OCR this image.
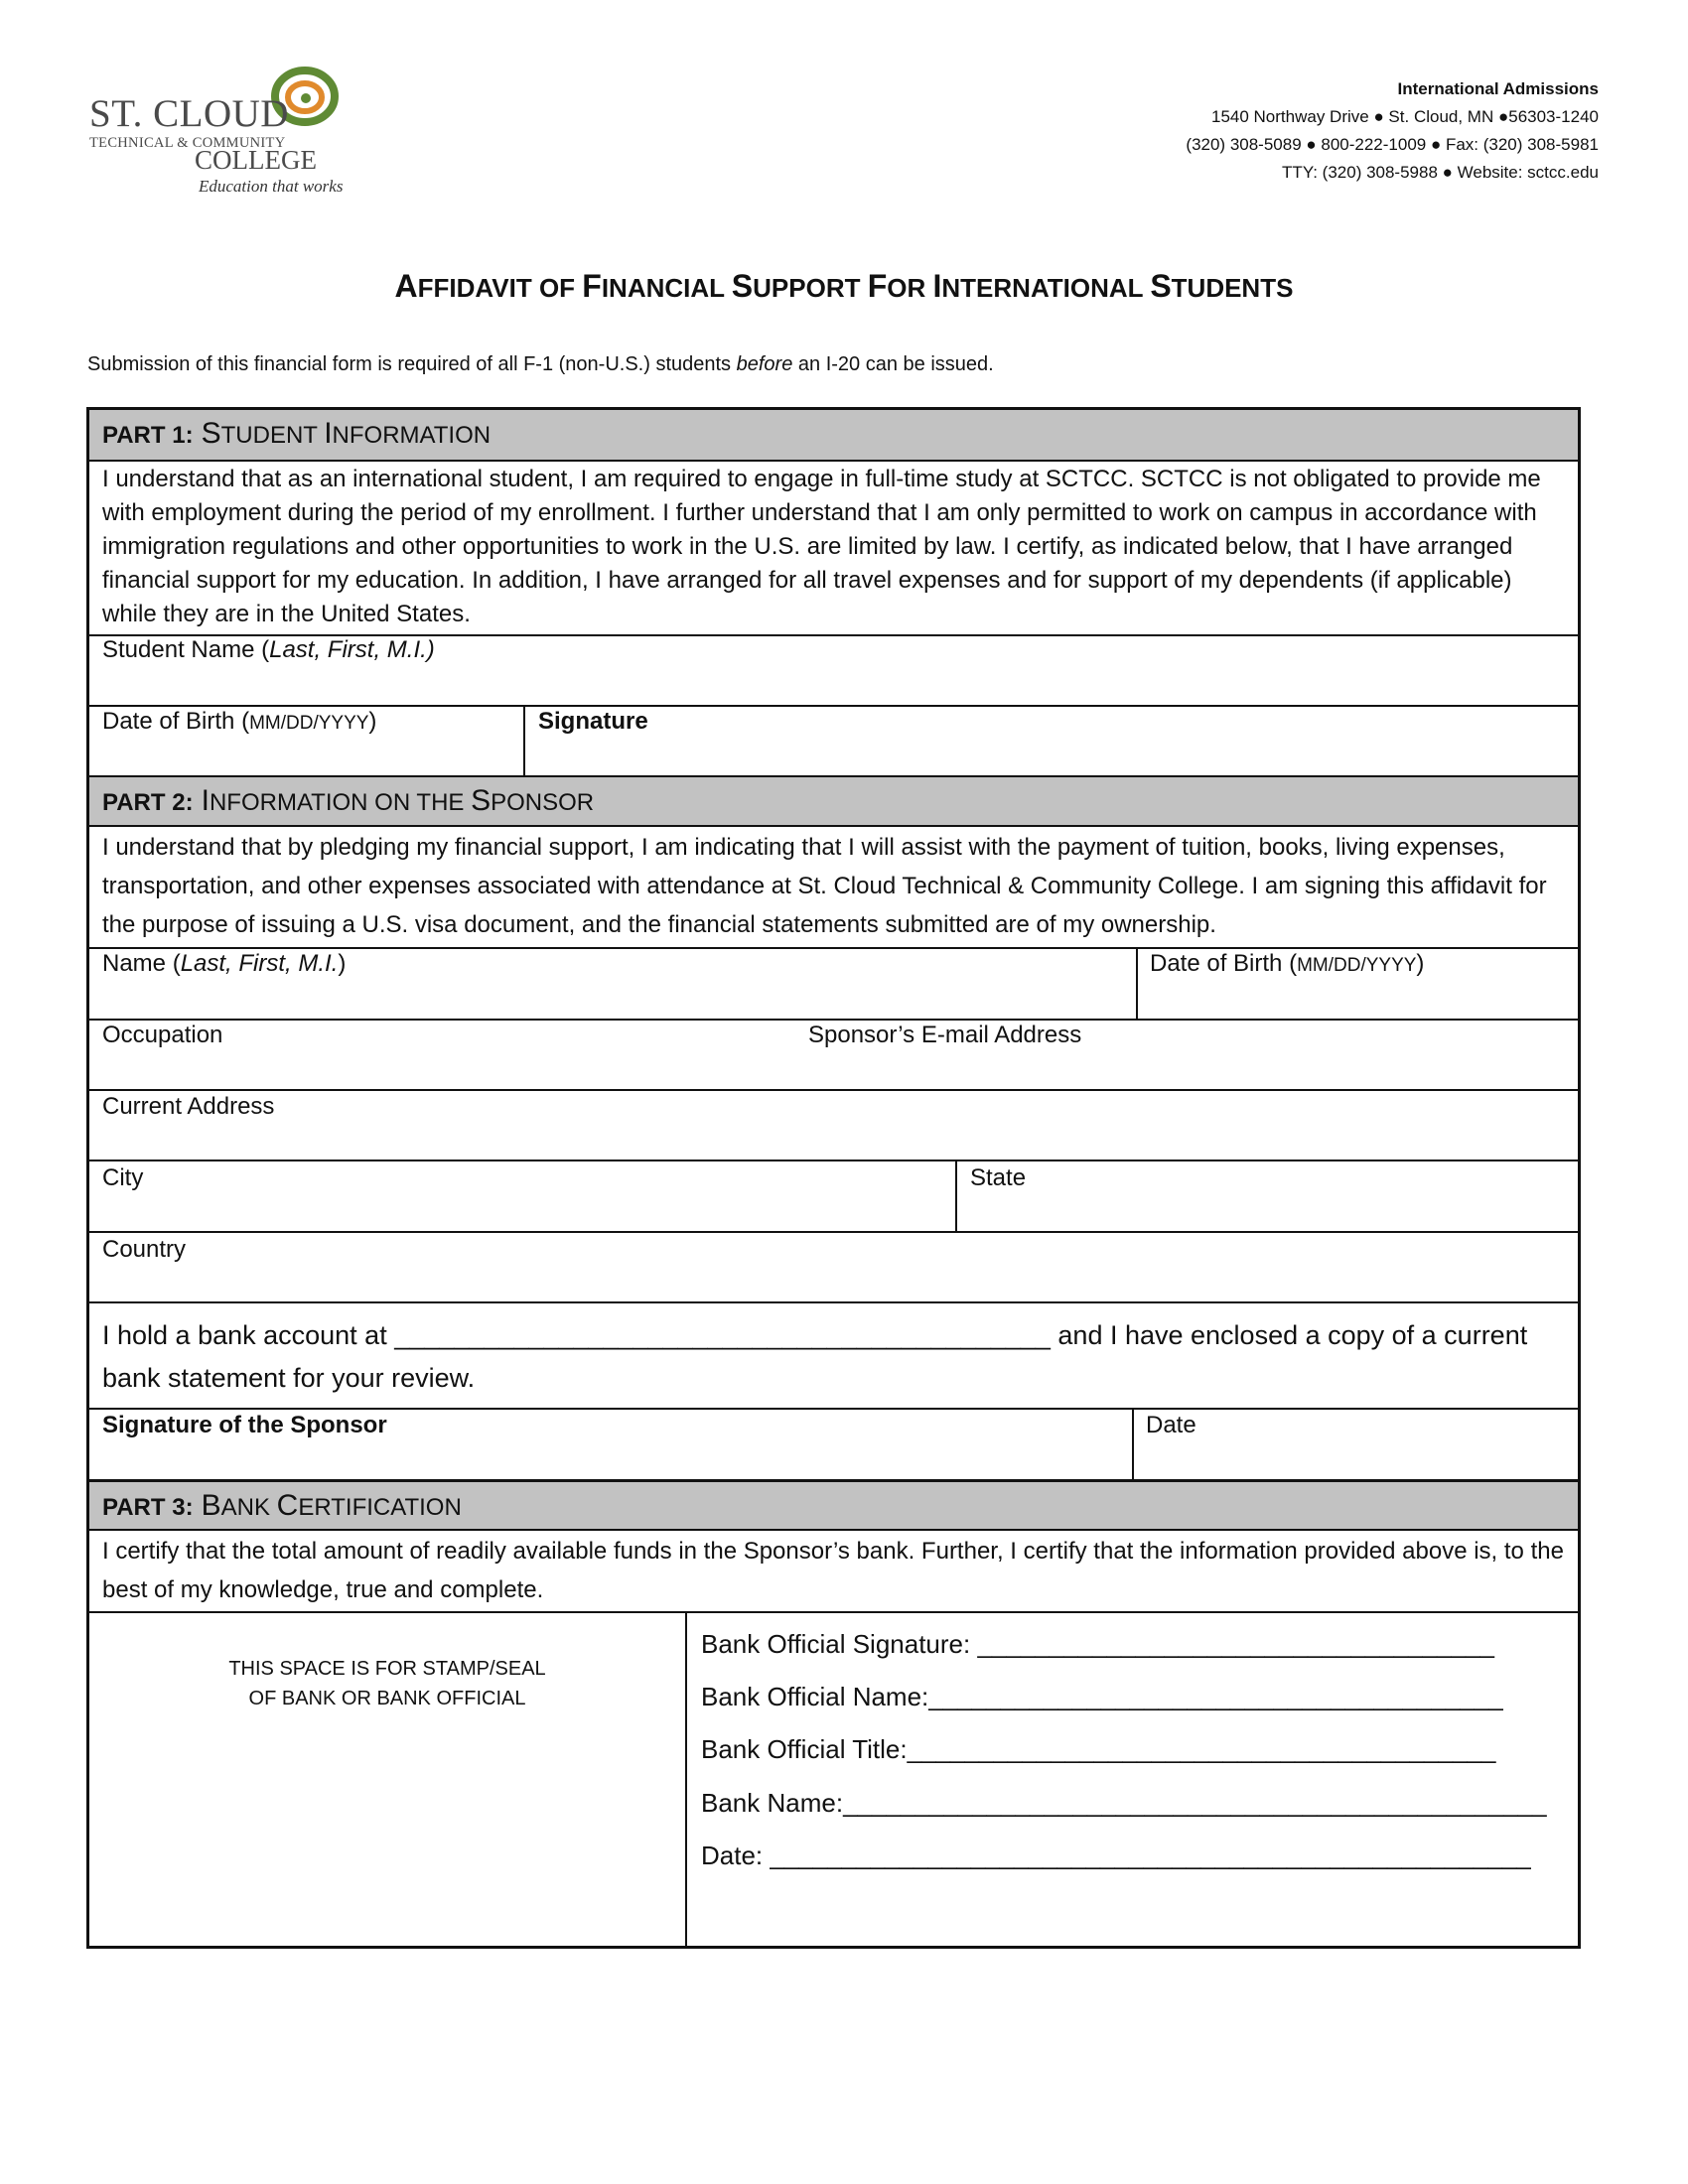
ST. CLOUD
TECHNICAL & COMMUNITY
COLLEGE
Education that works
International Admissions
1540 Northway Drive ● St. Cloud, MN ●56303-1240
(320) 308-5089 ● 800-222-1009 ● Fax: (320) 308-5981
TTY: (320) 308-5988 ● Website: sctcc.edu
AFFIDAVIT OF FINANCIAL SUPPORT FOR INTERNATIONAL STUDENTS
Submission of this financial form is required of all F-1 (non-U.S.) students before an I-20 can be issued.
PART 1: STUDENT INFORMATION
I understand that as an international student, I am required to engage in full-time study at SCTCC. SCTCC is not obligated to provide me with employment during the period of my enrollment. I further understand that I am only permitted to work on campus in accordance with immigration regulations and other opportunities to work in the U.S. are limited by law. I certify, as indicated below, that I have arranged financial support for my education. In addition, I have arranged for all travel expenses and for support of my dependents (if applicable) while they are in the United States.
Student Name (Last, First, M.I.)
Date of Birth (MM/DD/YYYY)	Signature
PART 2: INFORMATION ON THE SPONSOR
I understand that by pledging my financial support, I am indicating that I will assist with the payment of tuition, books, living expenses, transportation, and other expenses associated with attendance at St. Cloud Technical & Community College. I am signing this affidavit for the purpose of issuing a U.S. visa document, and the financial statements submitted are of my ownership.
Name (Last, First, M.I.)	Date of Birth (MM/DD/YYYY)
Occupation	Sponsor’s E-mail Address
Current Address
City	State
Country
I hold a bank account at ____________________________________________ and I have enclosed a copy of a current
bank statement for your review.
Signature of the Sponsor	Date
PART 3: BANK CERTIFICATION
I certify that the total amount of readily available funds in the Sponsor’s bank. Further, I certify that the information provided above is, to the best of my knowledge, true and complete.
THIS SPACE IS FOR STAMP/SEAL
OF BANK OR BANK OFFICIAL
Bank Official Signature: ____________________________________
Bank Official Name:________________________________________
Bank Official Title:_________________________________________
Bank Name:_________________________________________________
Date: _____________________________________________________
